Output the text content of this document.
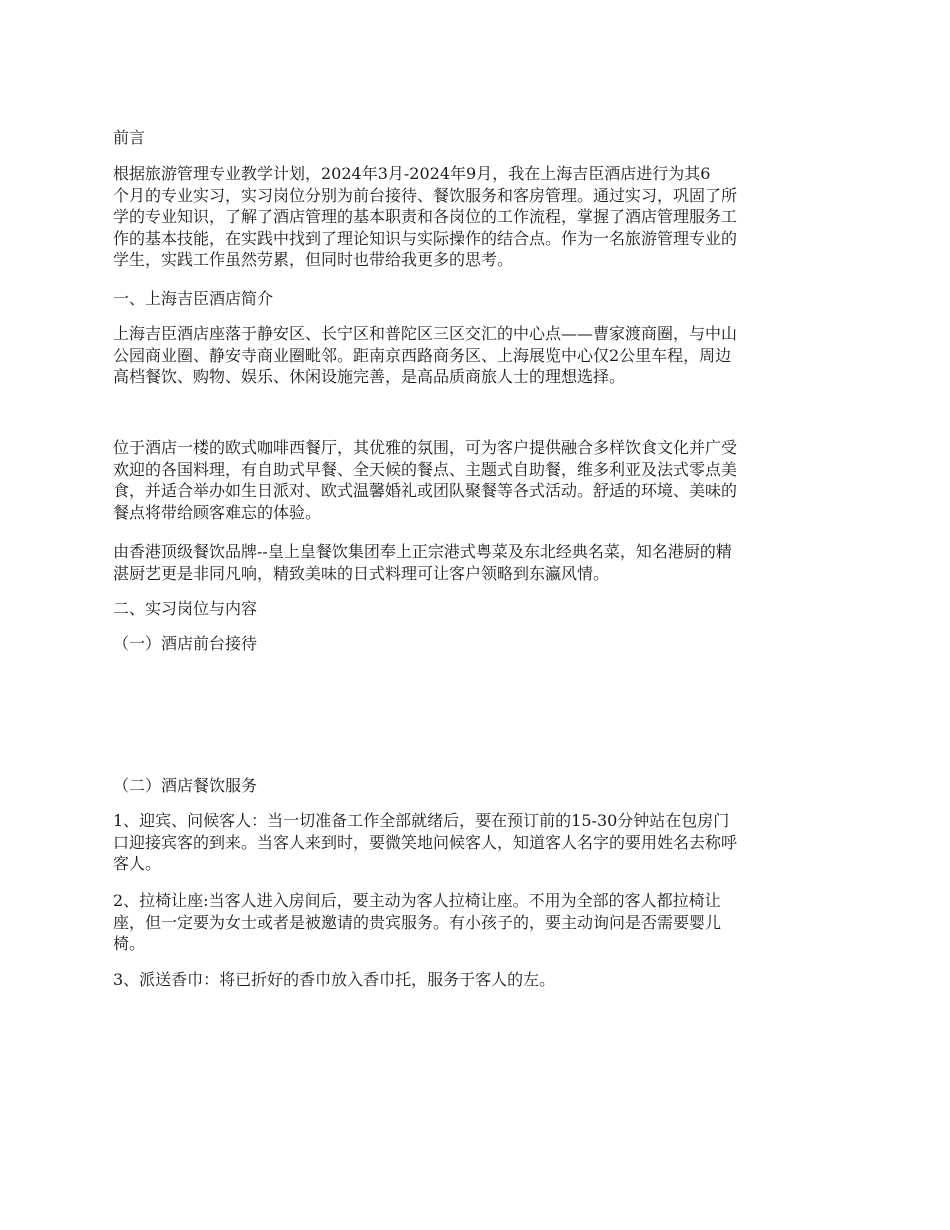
前言

根据旅游管理专业教学计划，2024年3月-2024年9月，我在上海吉臣酒店进行为其6
个月的专业实习，实习岗位分别为前台接待、餐饮服务和客房管理。通过实习，巩固了所
学的专业知识，了解了酒店管理的基本职责和各岗位的工作流程，掌握了酒店管理服务工
作的基本技能，在实践中找到了理论知识与实际操作的结合点。作为一名旅游管理专业的
学生，实践工作虽然劳累，但同时也带给我更多的思考。

一、上海吉臣酒店简介

上海吉臣酒店座落于静安区、长宁区和普陀区三区交汇的中心点——曹家渡商圈，与中山
公园商业圈、静安寺商业圈毗邻。距南京西路商务区、上海展览中心仅2公里车程，周边
高档餐饮、购物、娱乐、休闲设施完善，是高品质商旅人士的理想选择。

位于酒店一楼的欧式咖啡西餐厅，其优雅的氛围，可为客户提供融合多样饮食文化并广受
欢迎的各国料理，有自助式早餐、全天候的餐点、主题式自助餐，维多利亚及法式零点美
食，并适合举办如生日派对、欧式温馨婚礼或团队聚餐等各式活动。舒适的环境、美味的
餐点将带给顾客难忘的体验。

由香港顶级餐饮品牌--皇上皇餐饮集团奉上正宗港式粤菜及东北经典名菜，知名港厨的精
湛厨艺更是非同凡响，精致美味的日式料理可让客户领略到东瀛风情。

二、实习岗位与内容

（一）酒店前台接待

（二）酒店餐饮服务

1、迎宾、问候客人：当一切准备工作全部就绪后，要在预订前的15-30分钟站在包房门
口迎接宾客的到来。当客人来到时，要微笑地问候客人，知道客人名字的要用姓名去称呼
客人。

2、拉椅让座:当客人进入房间后，要主动为客人拉椅让座。不用为全部的客人都拉椅让
座，但一定要为女士或者是被邀请的贵宾服务。有小孩子的，要主动询问是否需要婴儿
椅。

3、派送香巾：将已折好的香巾放入香巾托，服务于客人的左。
